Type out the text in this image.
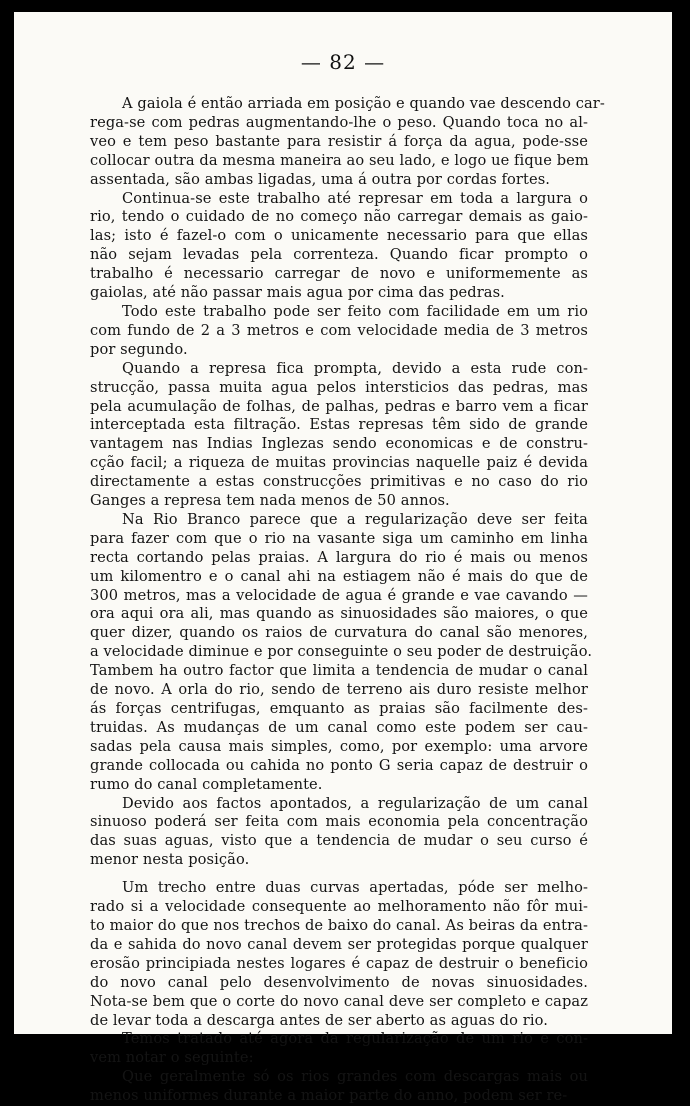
— 82 —

A gaiola é então arriada em posição e quando vae descendo car-
rega-se com pedras augmentando-lhe o peso. Quando toca no al-
veo e tem peso bastante para resistir á força da agua, pode-sse
collocar outra da mesma maneira ao seu lado, e logo ue fique bem
assentada, são ambas ligadas, uma á outra por cordas fortes.

Continua-se este trabalho até represar em toda a largura o
rio, tendo o cuidado de no começo não carregar demais as gaio-
las; isto é fazel-o com o unicamente necessario para que ellas
não sejam levadas pela correnteza. Quando ficar prompto o
trabalho é necessario carregar de novo e uniformemente as
gaiolas, até não passar mais agua por cima das pedras.

Todo este trabalho pode ser feito com facilidade em um rio
com fundo de 2 a 3 metros e com velocidade media de 3 metros
por segundo.

Quando a represa fica prompta, devido a esta rude con-
strucção, passa muita agua pelos intersticios das pedras, mas
pela acumulação de folhas, de palhas, pedras e barro vem a ficar
interceptada esta filtração. Estas represas têm sido de grande
vantagem nas Indias Inglezas sendo economicas e de constru-
cção facil; a riqueza de muitas provincias naquelle paiz é devida
directamente a estas construcções primitivas e no caso do rio
Ganges a represa tem nada menos de 50 annos.

Na Rio Branco parece que a regularização deve ser feita
para fazer com que o rio na vasante siga um caminho em linha
recta cortando pelas praias. A largura do rio é mais ou menos
um kilomentro e o canal ahi na estiagem não é mais do que de
300 metros, mas a velocidade de agua é grande e vae cavando —
ora aqui ora ali, mas quando as sinuosidades são maiores, o que
quer dizer, quando os raios de curvatura do canal são menores,
a velocidade diminue e por conseguinte o seu poder de destruição.
Tambem ha outro factor que limita a tendencia de mudar o canal
de novo. A orla do rio, sendo de terreno ais duro resiste melhor
ás forças centrifugas, emquanto as praias são facilmente des-
truidas. As mudanças de um canal como este podem ser cau-
sadas pela causa mais simples, como, por exemplo: uma arvore
grande collocada ou cahida no ponto G seria capaz de destruir o
rumo do canal completamente.

Devido aos factos apontados, a regularização de um canal
sinuoso poderá ser feita com mais economia pela concentração
das suas aguas, visto que a tendencia de mudar o seu curso é
menor nesta posição.

Um trecho entre duas curvas apertadas, póde ser melho-
rado si a velocidade consequente ao melhoramento não fôr mui-
to maior do que nos trechos de baixo do canal. As beiras da entra-
da e sahida do novo canal devem ser protegidas porque qualquer
erosão principiada nestes logares é capaz de destruir o beneficio
do novo canal pelo desenvolvimento de novas sinuosidades.
Nota-se bem que o corte do novo canal deve ser completo e capaz
de levar toda a descarga antes de ser aberto as aguas do rio.

Temos tratado até agora da regularização de um rio e con-
vem notar o seguinte:

Que geralmente só os rios grandes com descargas mais ou
menos uniformes durante a maior parte do anno, podem ser re-
